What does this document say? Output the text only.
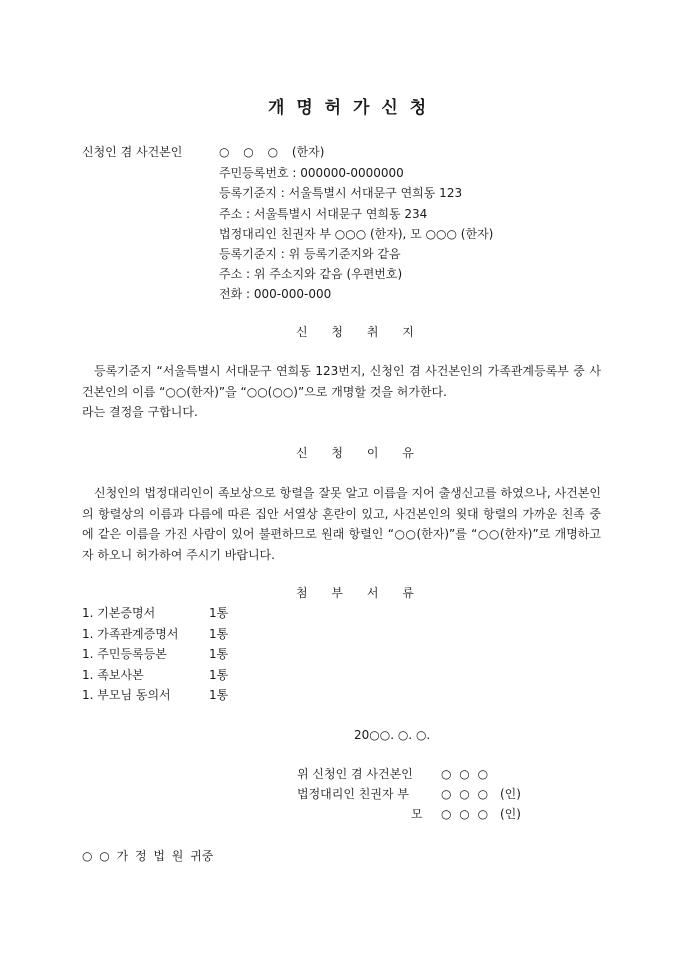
개 명 허 가 신 청
신청인 겸 사건본인	○ ○ ○ (한자)
주민등록번호 : 000000-0000000
등록기준지 : 서울특별시 서대문구 연희동 123
주소 : 서울특별시 서대문구 연희동 234
법정대리인 친권자 부 ○○○ (한자), 모 ○○○ (한자)
등록기준지 : 위 등록기준지와 같음
주소 : 위 주소지와 같음 (우편번호)
전화 : 000-000-000
신 청 취 지

등록기준지 “서울특별시 서대문구 연희동 123번지, 신청인 겸 사건본인의 가족관계등록부 중 사건본인의 이름 “○○(한자)”을 “○○(○○)”으로 개명할 것을 허가한다.

라는 결정을 구합니다.

신 청 이 유

신청인의 법정대리인이 족보상으로 항렬을 잘못 알고 이름을 지어 출생신고를 하였으나, 사건본인의 항렬상의 이름과 다름에 따른 집안 서열상 혼란이 있고, 사건본인의 윗대 항렬의 가까운 친족 중에 같은 이름을 가진 사람이 있어 불편하므로 원래 항렬인 “○○(한자)”를 “○○(한자)”로 개명하고자 하오니 허가하여 주시기 바랍니다.

첨 부 서 류
1. 기본증명서	1통
1. 가족관계증명서	1통
1. 주민등록등본	1통
1. 족보사본	1통
1. 부모님 동의서	1통
20○○. ○. ○.
위 신청인 겸 사건본인 ○ ○ ○
법정대리인 친권자 부	○ ○ ○ (인)
모 ○ ○ ○ (인)
○ ○ 가 정 법 원 귀중
